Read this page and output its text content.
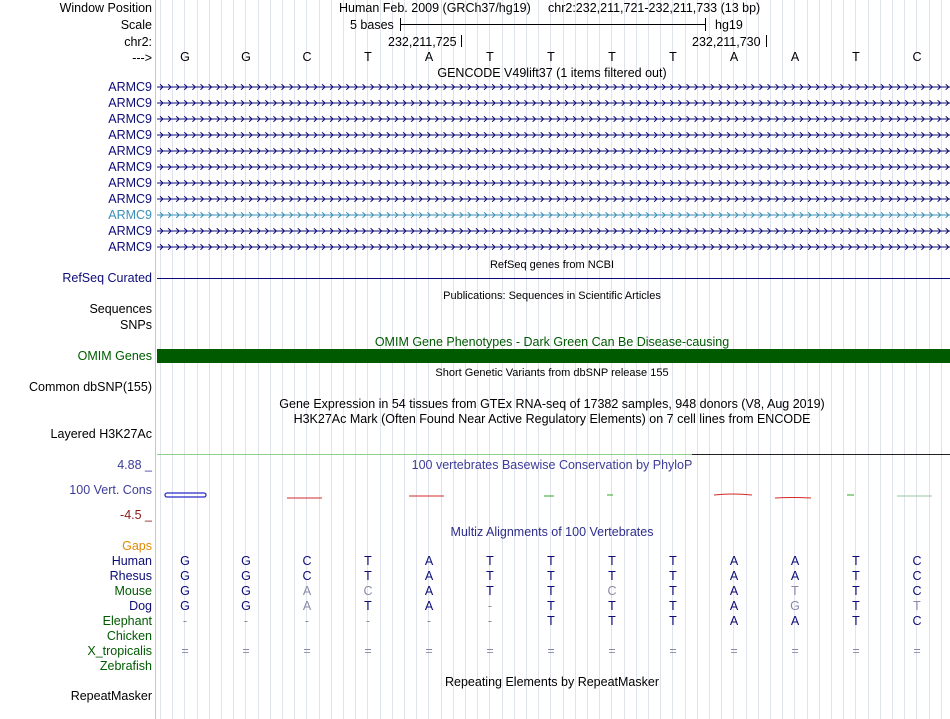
Window Position
Scale
chr2:
--->
Human Feb. 2009 (GRCh37/hg19) chr2:232,211,721-232,211,733 (13 bp)
5 bases	hg19
232,211,725	232,211,730
G	G	C	T	A	T	T	T	T	A	A	T	C
GENCODE V49lift37 (1 items filtered out)
ARMC9
ARMC9
ARMC9
ARMC9
ARMC9
ARMC9
ARMC9
ARMC9
ARMC9
ARMC9
ARMC9
RefSeq genes from NCBI
RefSeq Curated
Publications: Sequences in Scientific Articles
Sequences
SNPs
OMIM Gene Phenotypes - Dark Green Can Be Disease-causing
OMIM Genes
Short Genetic Variants from dbSNP release 155
Common dbSNP(155)
Gene Expression in 54 tissues from GTEx RNA-seq of 17382 samples, 948 donors (V8, Aug 2019)
H3K27Ac Mark (Often Found Near Active Regulatory Elements) on 7 cell lines from ENCODE
Layered H3K27Ac
4.88 _	100 vertebrates Basewise Conservation by PhyloP
100 Vert. Cons
-4.5 _
Multiz Alignments of 100 Vertebrates
Gaps
Human	G	G	C	T	A	T	T	T	T	A	A	T	C
Rhesus	G	G	C	T	A	T	T	T	T	A	A	T	C
Mouse	G	G	A	C	A	T	T	C	T	A	T	T	C
Dog	G	G	A	T	A	-	T	T	T	A	G	T	T
Elephant	-	-	-	-	-	-	T	T	T	A	A	T	C
Chicken
X_tropicalis	=	=	=	=	=	=	=	=	=	=	=	=	=
Zebrafish
Repeating Elements by RepeatMasker
RepeatMasker
